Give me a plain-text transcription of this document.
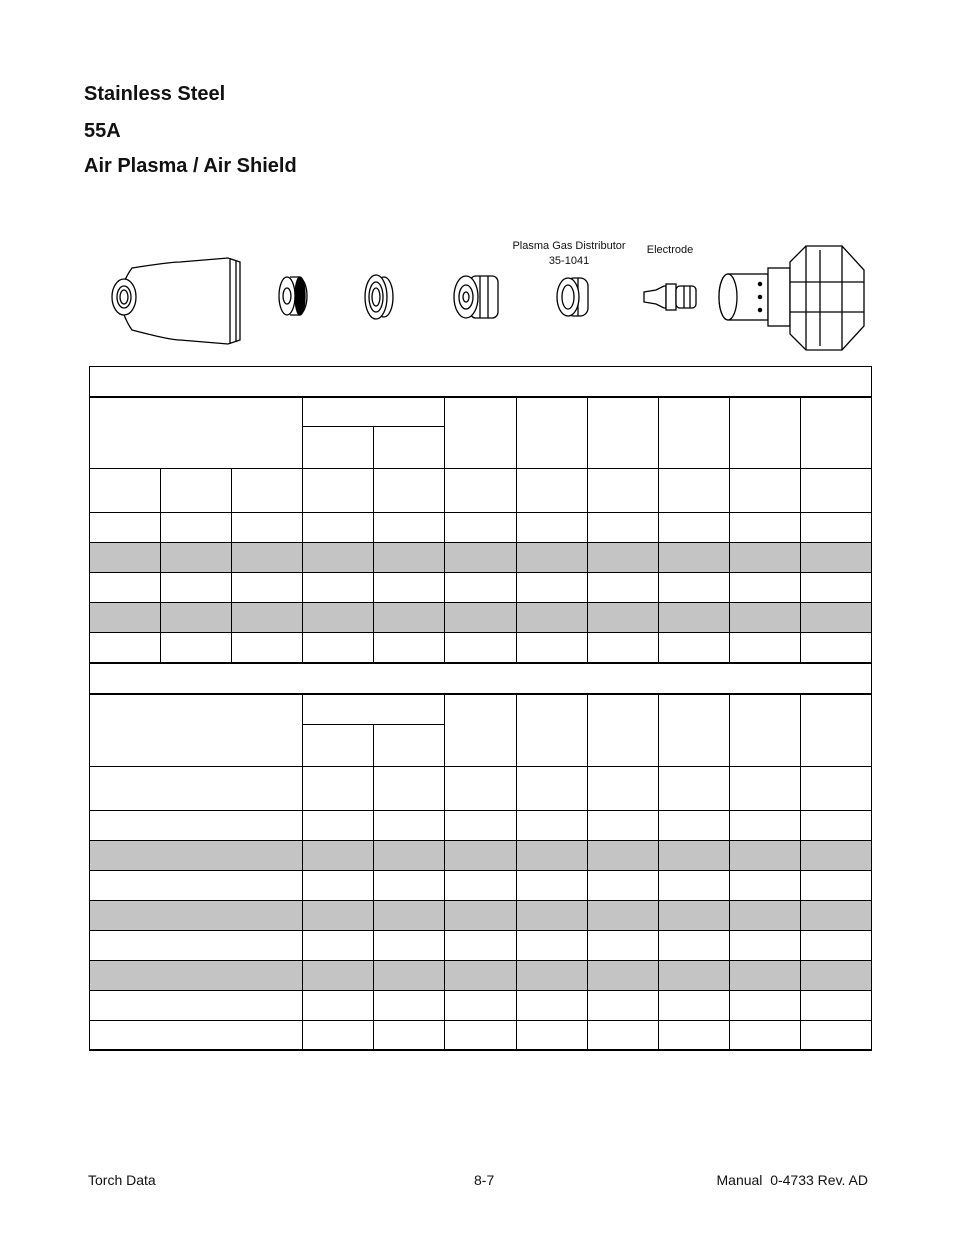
Stainless Steel
55A
Air Plasma / Air Shield
Plasma Gas Distributor
35-1041
Electrode

Torch Data	8-7	Manual  0-4733 Rev. AD
